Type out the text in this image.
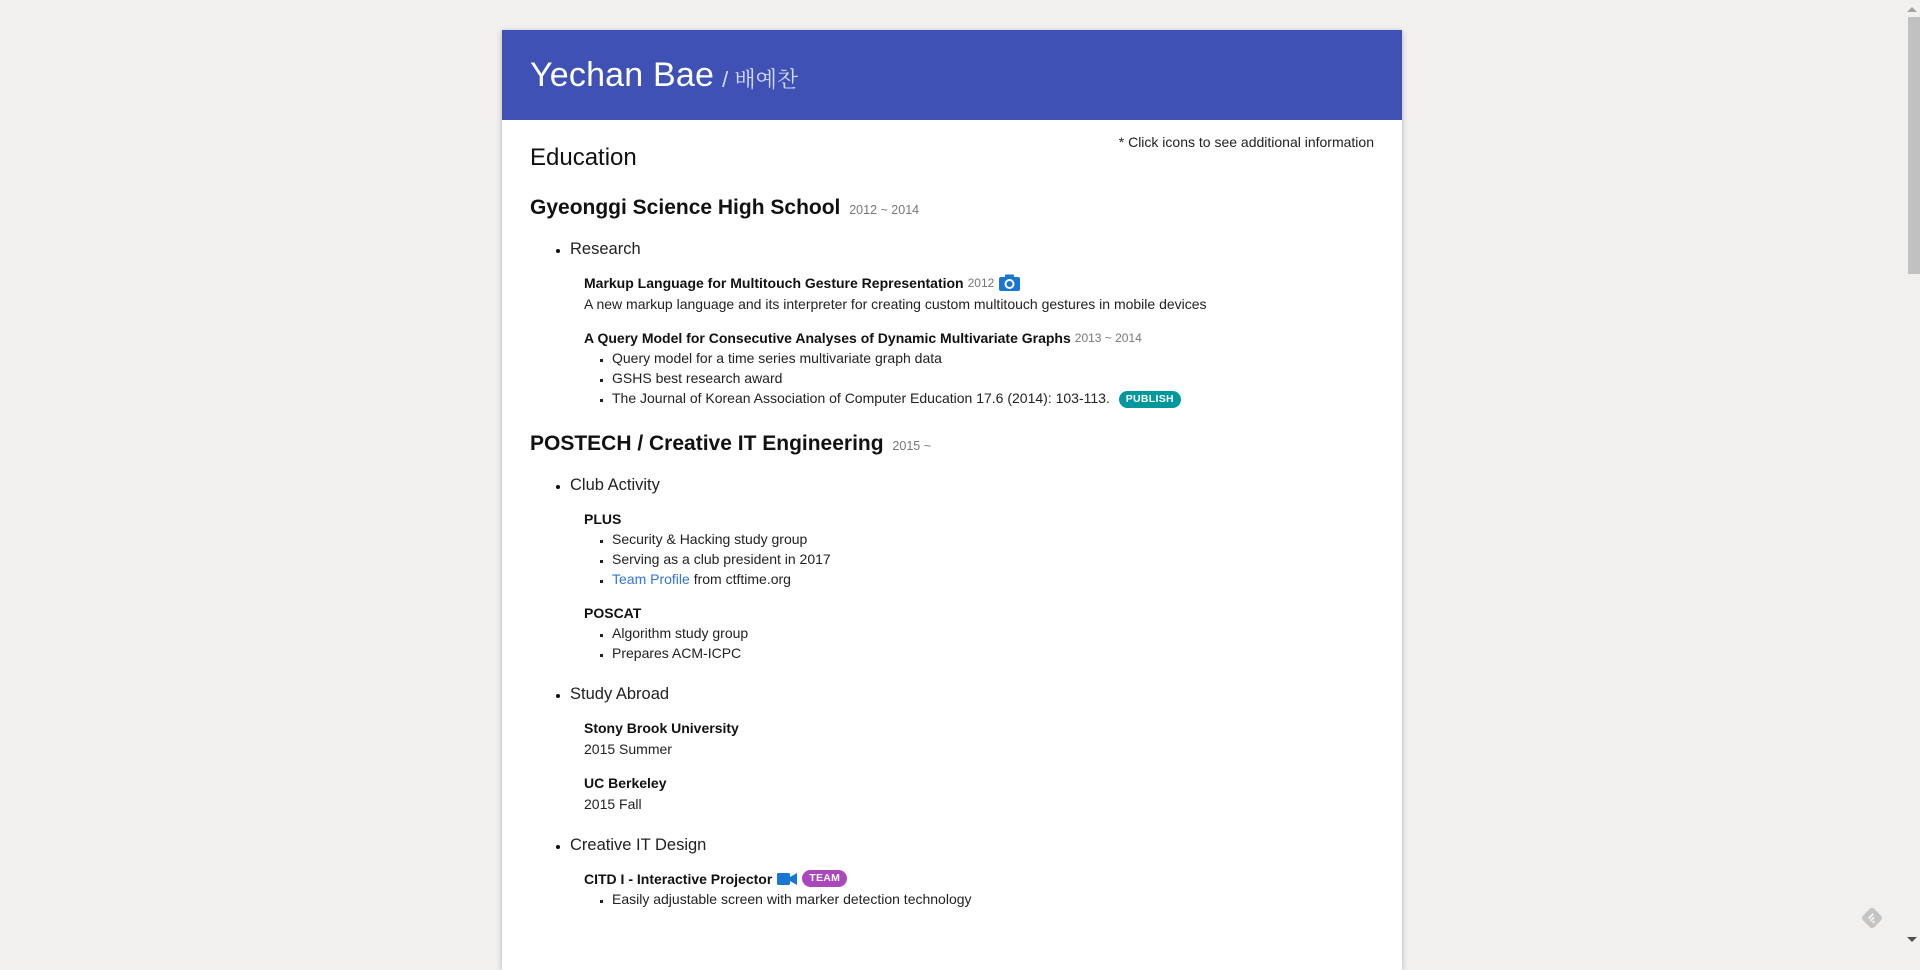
Yechan Bae / 배예찬
* Click icons to see additional information
Education
Gyeonggi Science High School 2012 ~ 2014
• Research
Markup Language for Multitouch Gesture Representation 2012
A new markup language and its interpreter for creating custom multitouch gestures in mobile devices
A Query Model for Consecutive Analyses of Dynamic Multivariate Graphs 2013 ~ 2014
▪ Query model for a time series multivariate graph data
▪ GSHS best research award
▪ The Journal of Korean Association of Computer Education 17.6 (2014): 103-113. PUBLISH
POSTECH / Creative IT Engineering 2015 ~
• Club Activity
PLUS
▪ Security & Hacking study group
▪ Serving as a club president in 2017
▪ Team Profile from ctftime.org
POSCAT
▪ Algorithm study group
▪ Prepares ACM-ICPC
• Study Abroad
Stony Brook University
2015 Summer
UC Berkeley
2015 Fall
• Creative IT Design
CITD I - Interactive Projector	TEAM
▪ Easily adjustable screen with marker detection technology
